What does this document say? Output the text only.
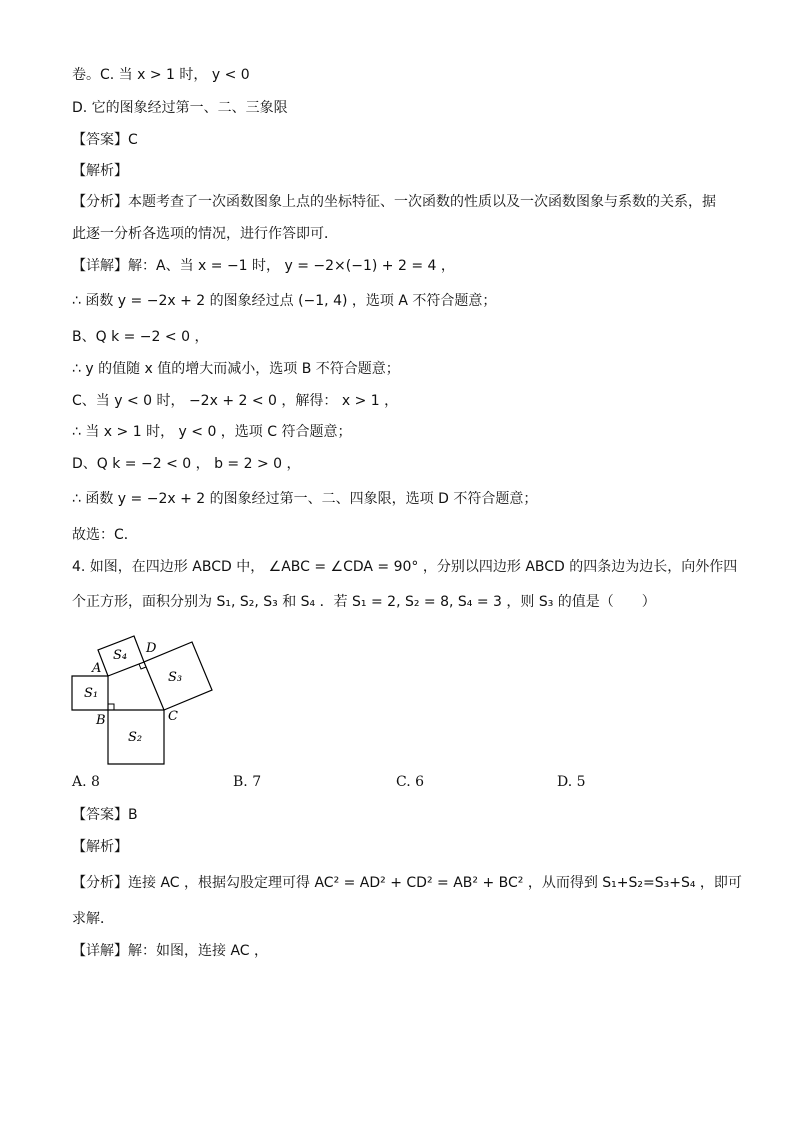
卷。C. 当 x > 1 时， y < 0
D. 它的图象经过第一、二、三象限
【答案】C
【解析】
【分析】本题考查了一次函数图象上点的坐标特征、一次函数的性质以及一次函数图象与系数的关系，据
此逐一分析各选项的情况，进行作答即可．
【详解】解：A、当 x = −1 时， y = −2×(−1) + 2 = 4 ，
∴ 函数 y = −2x + 2 的图象经过点 (−1, 4) ，选项 A 不符合题意；
B、Q k = −2 < 0 ，
∴ y 的值随 x 值的增大而减小，选项 B 不符合题意；
C、当 y < 0 时， −2x + 2 < 0 ，解得： x > 1 ，
∴ 当 x > 1 时， y < 0 ，选项 C 符合题意；
D、Q k = −2 < 0 ， b = 2 > 0 ，
∴ 函数 y = −2x + 2 的图象经过第一、二、四象限，选项 D 不符合题意；
故选：C．
4. 如图，在四边形 ABCD 中， ∠ABC = ∠CDA = 90° ，分别以四边形 ABCD 的四条边为边长，向外作四
个正方形，面积分别为 S₁, S₂, S₃ 和 S₄ ．若 S₁ = 2, S₂ = 8, S₄ = 3 ，则 S₃ 的值是（　　）
A
B	C
D
S₁
S₂
S₃
S₄
A. 8	B. 7	C. 6	D. 5
【答案】B
【解析】
【分析】连接 AC ，根据勾股定理可得 AC² = AD² + CD² = AB² + BC² ，从而得到 S₁+S₂=S₃+S₄ ，即可
求解．
【详解】解：如图，连接 AC ，
